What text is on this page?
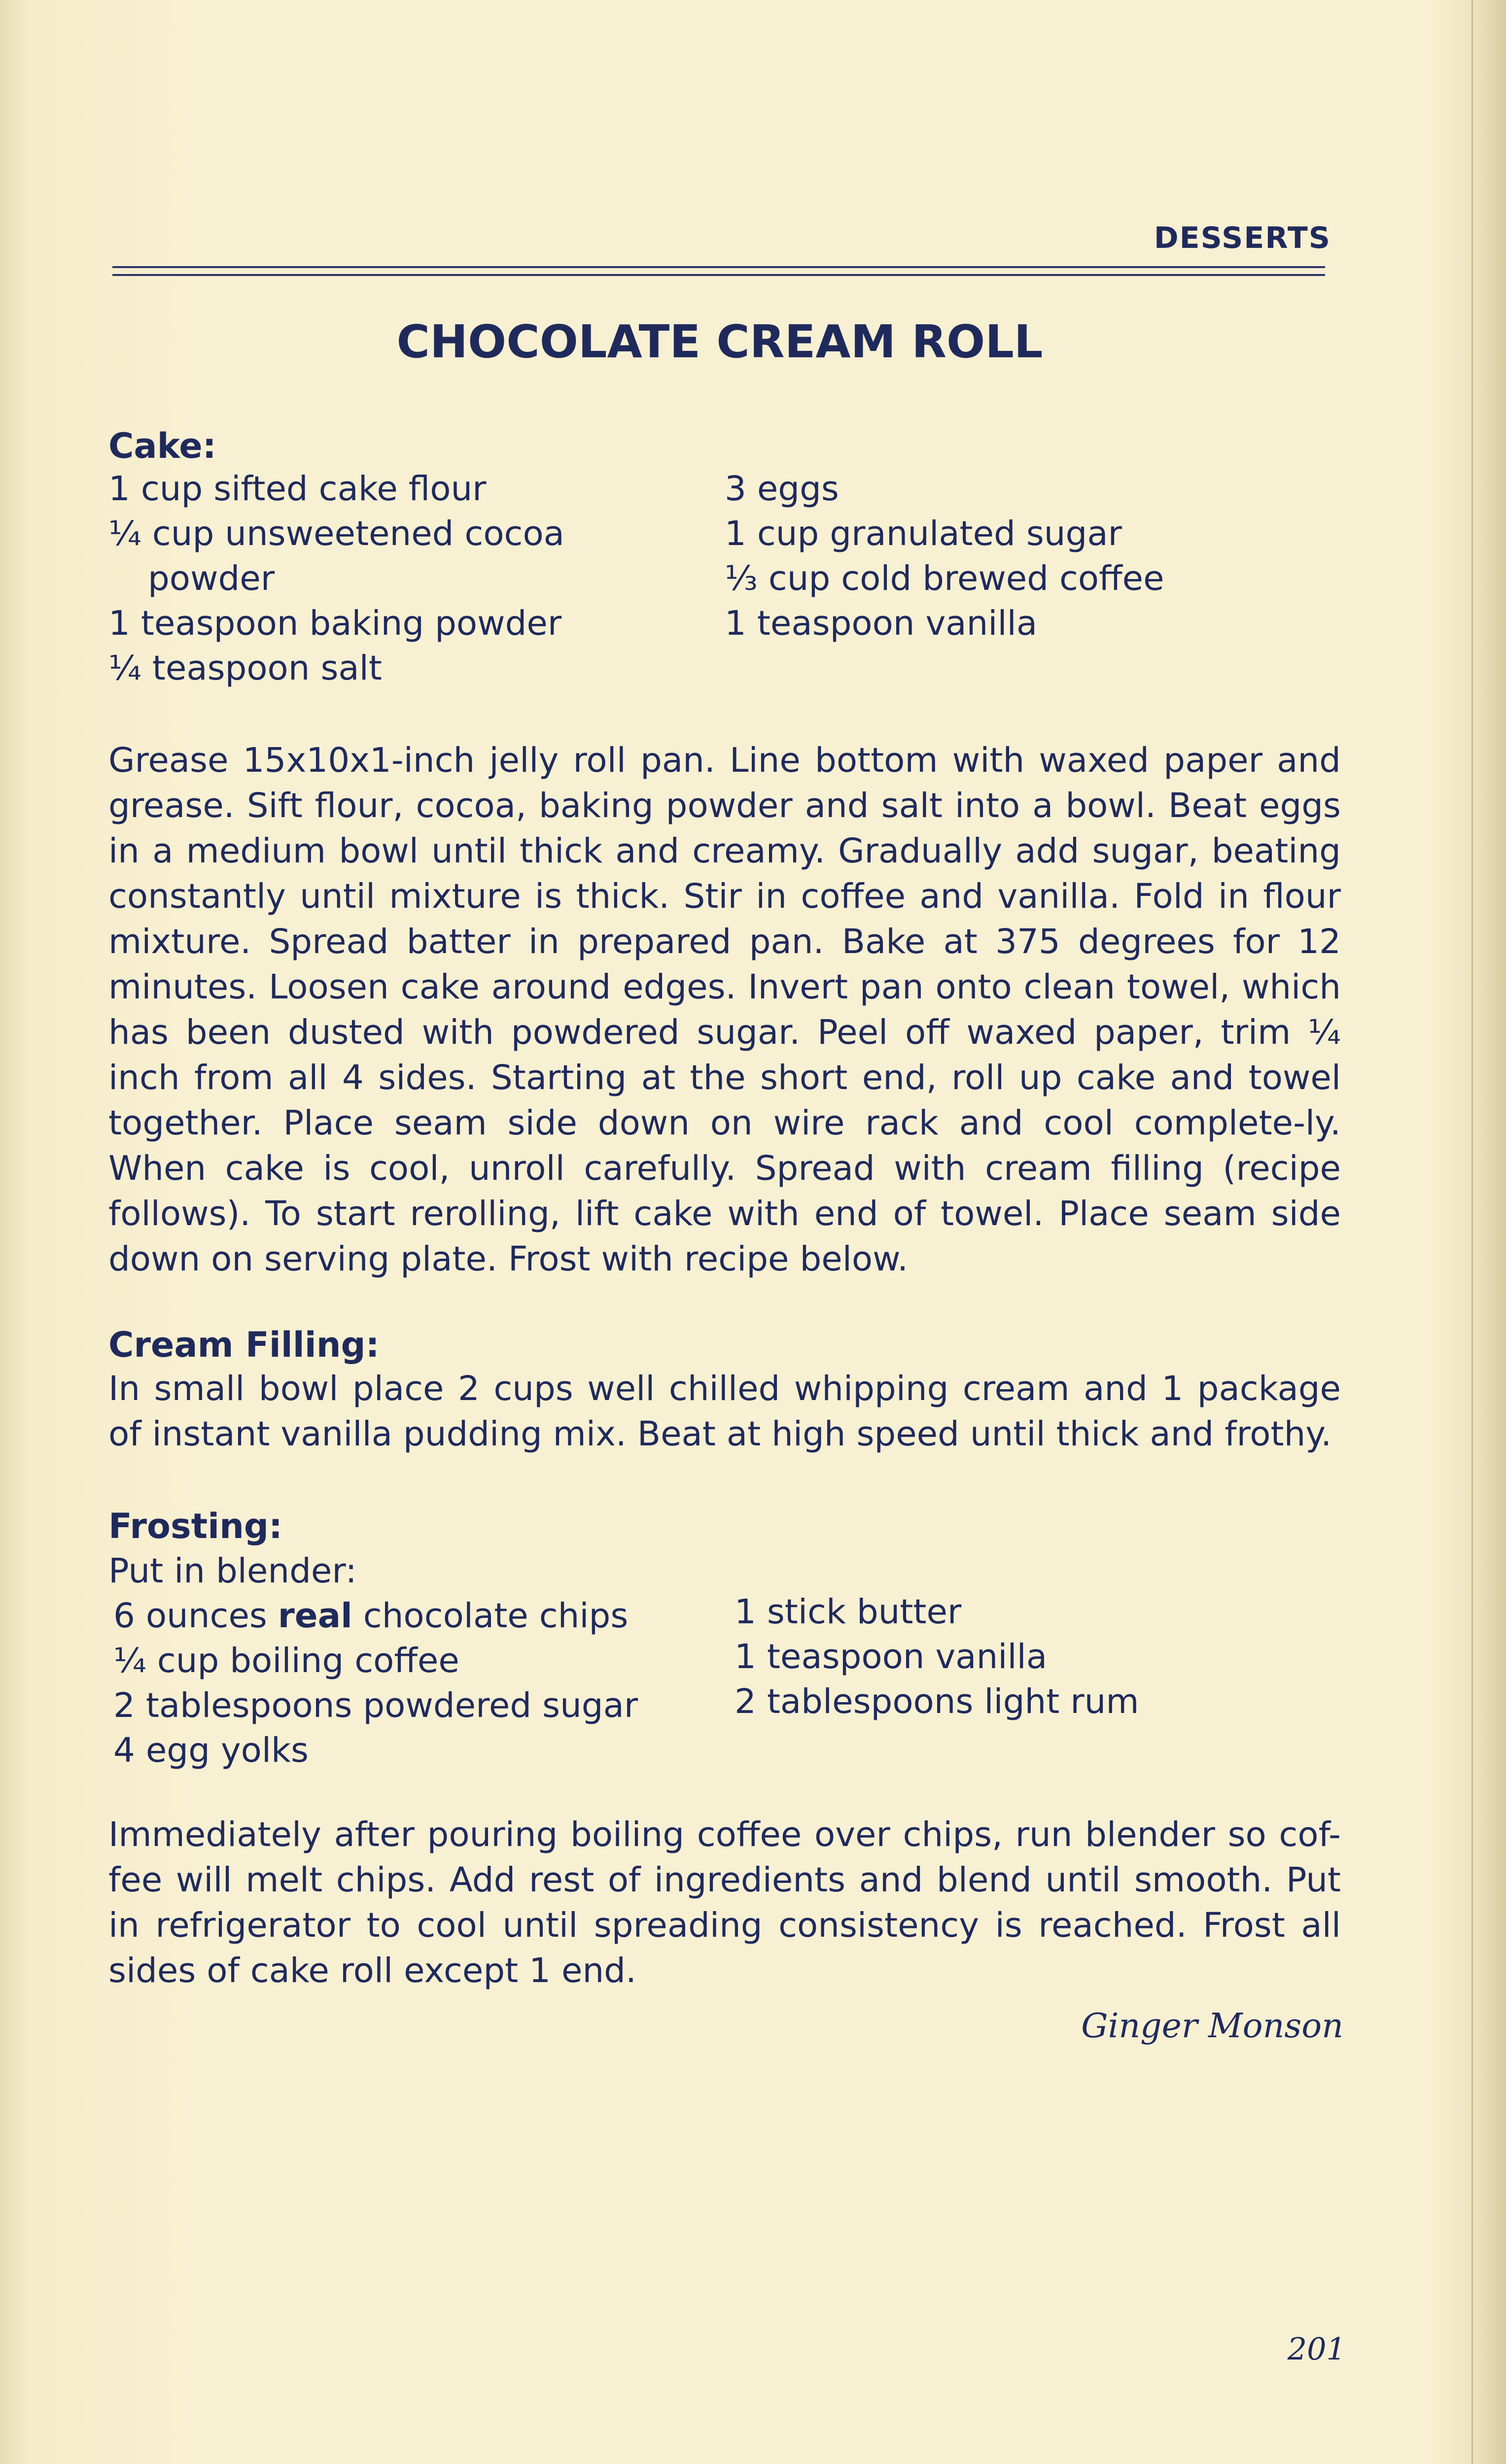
DESSERTS
CHOCOLATE CREAM ROLL
Cake:
1 cup sifted cake flour
¼ cup unsweetened cocoa
powder
1 teaspoon baking powder
¼ teaspoon salt
3 eggs
1 cup granulated sugar
⅓ cup cold brewed coffee
1 teaspoon vanilla

Grease 15x10x1-inch jelly roll pan. Line bottom with waxed paper and grease. Sift flour, cocoa, baking powder and salt into a bowl. Beat eggs in a medium bowl until thick and creamy. Gradually add sugar, beating constantly until mixture is thick. Stir in coffee and vanilla. Fold in flour mixture. Spread batter in prepared pan. Bake at 375 degrees for 12 minutes. Loosen cake around edges. Invert pan onto clean towel, which has been dusted with powdered sugar. Peel off waxed paper, trim ¼ inch from all 4 sides. Starting at the short end, roll up cake and towel together. Place seam side down on wire rack and cool complete-ly. When cake is cool, unroll carefully. Spread with cream filling (recipe follows). To start rerolling, lift cake with end of towel. Place seam side down on serving plate. Frost with recipe below.

Cream Filling:

In small bowl place 2 cups well chilled whipping cream and 1 package of instant vanilla pudding mix. Beat at high speed until thick and frothy.

Frosting:
Put in blender:
6 ounces real chocolate chips
¼ cup boiling coffee
2 tablespoons powdered sugar
4 egg yolks
1 stick butter
1 teaspoon vanilla
2 tablespoons light rum

Immediately after pouring boiling coffee over chips, run blender so cof-fee will melt chips. Add rest of ingredients and blend until smooth. Put in refrigerator to cool until spreading consistency is reached. Frost all sides of cake roll except 1 end.

Ginger Monson
201
